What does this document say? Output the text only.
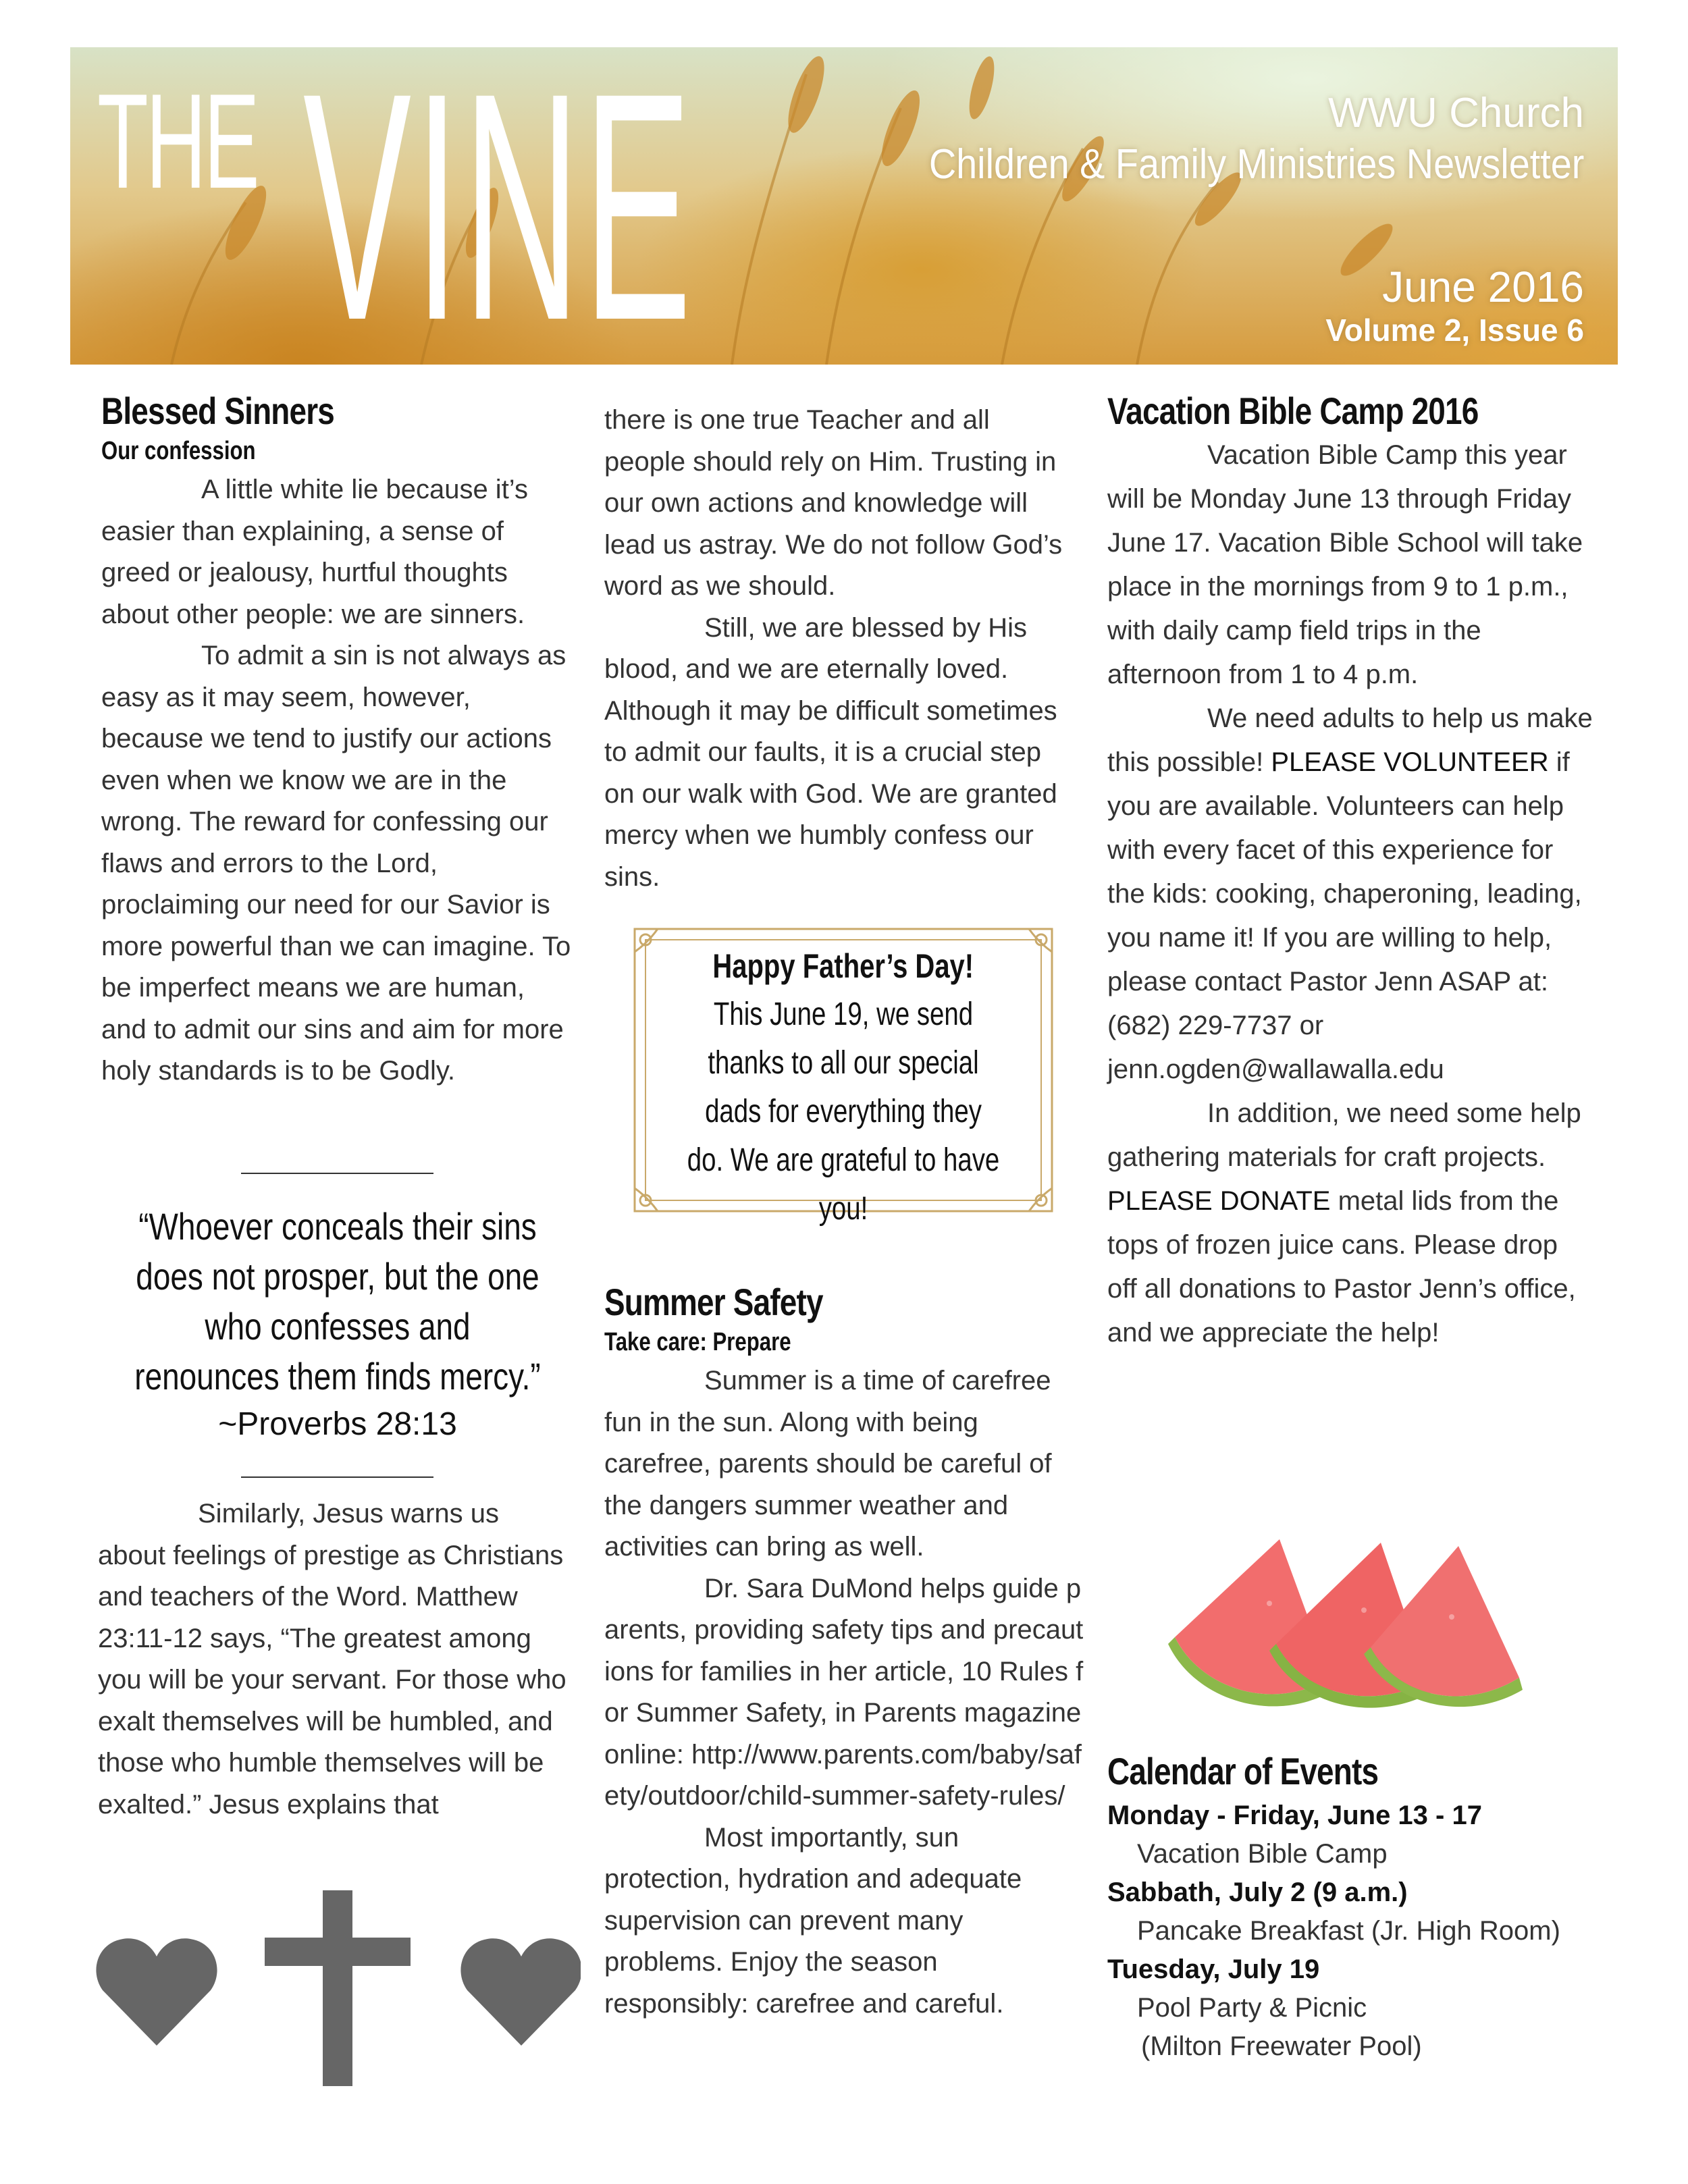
THE VINE	WWU Church
Children & Family Ministries Newsletter
June 2016
Volume 2, Issue 6
Blessed Sinners
Our confession

A little white lie because it’s easier than explaining, a sense of greed or jealousy, hurtful thoughts about other people: we are sinners.

To admit a sin is not always as easy as it may seem, however, because we tend to justify our actions even when we know we are in the wrong. The reward for confessing our flaws and errors to the Lord, proclaiming our need for our Savior is more powerful than we can imagine. To be imperfect means we are human, and to admit our sins and aim for more holy standards is to be Godly.

“Whoever conceals their sins does not prosper, but the one who confesses and renounces them finds mercy.”
~Proverbs 28:13

Similarly, Jesus warns us about feelings of prestige as Christians and teachers of the Word. Matthew 23:11-12 says, “The greatest among you will be your servant. For those who exalt themselves will be humbled, and those who humble themselves will be exalted.” Jesus explains that

there is one true Teacher and all people should rely on Him. Trusting in our own actions and knowledge will lead us astray. We do not follow God’s word as we should.

Still, we are blessed by His blood, and we are eternally loved. Although it may be difficult sometimes to admit our faults, it is a crucial step on our walk with God. We are granted mercy when we humbly confess our sins.

Happy Father’s Day!
This June 19, we send thanks to all our special dads for everything they do. We are grateful to have you!
Summer Safety
Take care: Prepare

Summer is a time of carefree fun in the sun. Along with being carefree, parents should be careful of the dangers summer weather and activities can bring as well.

Dr. Sara DuMond helps guide parents, providing safety tips and precautions for families in her article, 10 Rules for Summer Safety, in Parents magazine online: http://www.parents.com/baby/safety/outdoor/child-summer-safety-rules/

Most importantly, sun protection, hydration and adequate supervision can prevent many problems. Enjoy the season responsibly: carefree and careful.

Vacation Bible Camp 2016

Vacation Bible Camp this year will be Monday June 13 through Friday June 17. Vacation Bible School will take place in the mornings from 9 to 1 p.m., with daily camp field trips in the afternoon from 1 to 4 p.m.

We need adults to help us make this possible! PLEASE VOLUNTEER if you are available. Volunteers can help with every facet of this experience for the kids: cooking, chaperoning, leading, you name it! If you are willing to help, please contact Pastor Jenn ASAP at:

(682) 229-7737 or

jenn.ogden@wallawalla.edu

In addition, we need some help gathering materials for craft projects. PLEASE DONATE metal lids from the tops of frozen juice cans. Please drop off all donations to Pastor Jenn’s office, and we appreciate the help!

Calendar of Events
Monday - Friday, June 13 - 17
Vacation Bible Camp
Sabbath, July 2 (9 a.m.)
Pancake Breakfast (Jr. High Room)
Tuesday, July 19
Pool Party & Picnic
(Milton Freewater Pool)
